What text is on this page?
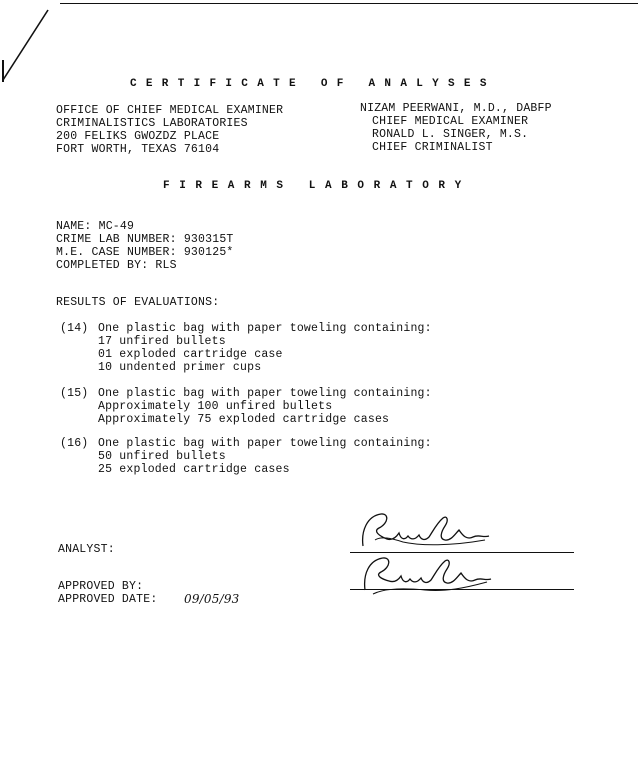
CERTIFICATE OF ANALYSES
OFFICE OF CHIEF MEDICAL EXAMINER
CRIMINALISTICS LABORATORIES
200 FELIKS GWOZDZ PLACE
FORT WORTH, TEXAS 76104
NIZAM PEERWANI, M.D., DABFP
CHIEF MEDICAL EXAMINER
RONALD L. SINGER, M.S.
CHIEF CRIMINALIST
FIREARMS LABORATORY
NAME: MC-49
CRIME LAB NUMBER: 930315T
M.E. CASE NUMBER: 930125*
COMPLETED BY: RLS
RESULTS OF EVALUATIONS:
(14) One plastic bag with paper toweling containing:
17 unfired bullets
01 exploded cartridge case
10 undented primer cups
(15) One plastic bag with paper toweling containing:
Approximately 100 unfired bullets
Approximately 75 exploded cartridge cases
(16) One plastic bag with paper toweling containing:
50 unfired bullets
25 exploded cartridge cases
ANALYST:
APPROVED BY:
APPROVED DATE: 09/05/93
